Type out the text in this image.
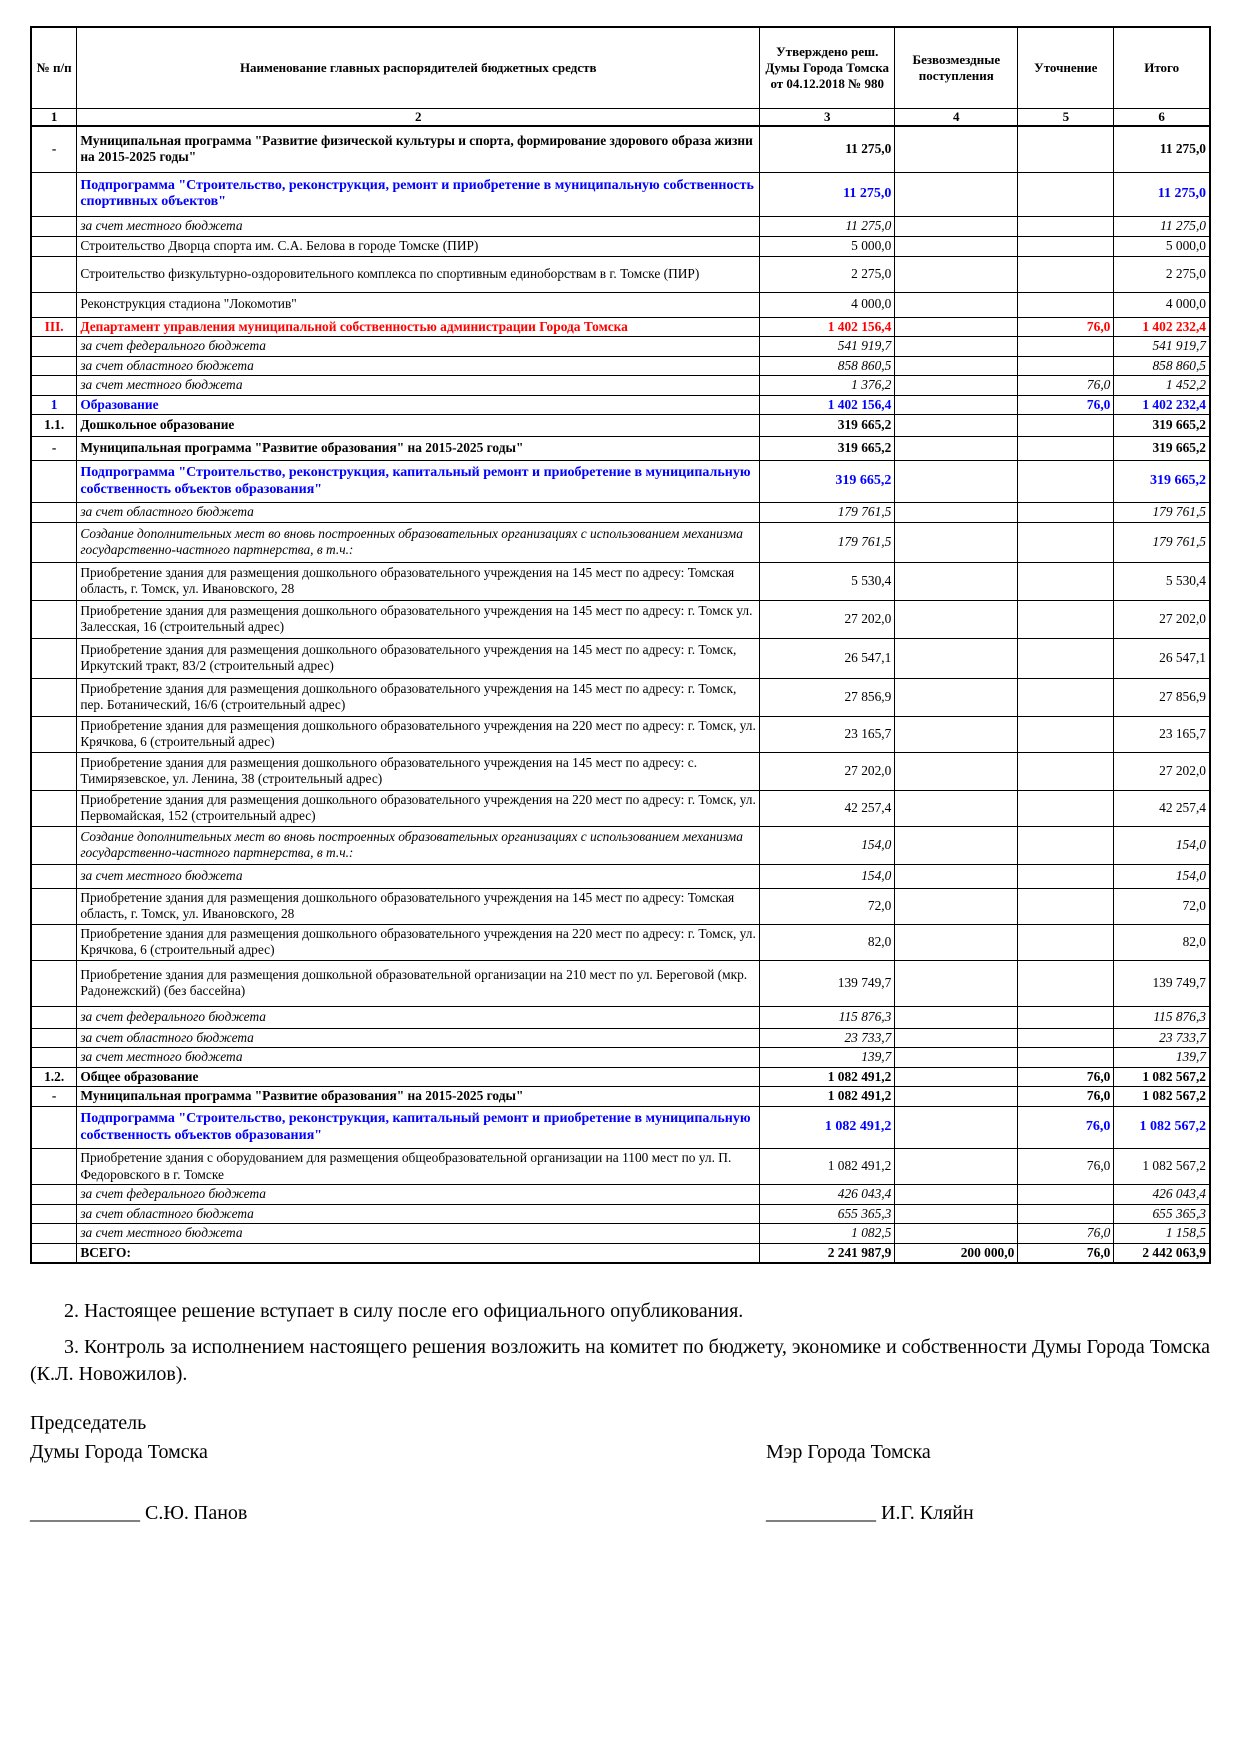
№ п/п	Наименование главных распорядителей бюджетных средств	Утверждено реш. Думы Города Томска от 04.12.2018 № 980	Безвозмездные поступления	Уточнение	Итого
1	2	3	4	5	6
-	Муниципальная программа "Развитие физической культуры и спорта, формирование здорового образа жизни на 2015-2025 годы"	11 275,0			11 275,0
	Подпрограмма "Строительство, реконструкция, ремонт и приобретение в муниципальную собственность спортивных объектов"	11 275,0			11 275,0
	за счет местного бюджета	11 275,0			11 275,0
	Строительство Дворца спорта им. С.А. Белова в городе Томске (ПИР)	5 000,0			5 000,0
	Строительство физкультурно-оздоровительного комплекса по спортивным единоборствам в г. Томске (ПИР)	2 275,0			2 275,0
	Реконструкция стадиона "Локомотив"	4 000,0			4 000,0
III.	Департамент управления муниципальной собственностью администрации Города Томска	1 402 156,4		76,0	1 402 232,4
	за счет федерального бюджета	541 919,7			541 919,7
	за счет областного бюджета	858 860,5			858 860,5
	за счет местного бюджета	1 376,2		76,0	1 452,2
1	Образование	1 402 156,4		76,0	1 402 232,4
1.1.	Дошкольное образование	319 665,2			319 665,2
-	Муниципальная программа "Развитие образования" на 2015-2025 годы"	319 665,2			319 665,2
	Подпрограмма "Строительство, реконструкция, капитальный ремонт и приобретение в муниципальную собственность объектов образования"	319 665,2			319 665,2
	за счет областного бюджета	179 761,5			179 761,5
	Создание дополнительных мест во вновь построенных образовательных организациях с использованием механизма государственно-частного партнерства, в т.ч.:	179 761,5			179 761,5
	Приобретение здания для размещения дошкольного образовательного учреждения на 145 мест по адресу: Томская область, г. Томск, ул. Ивановского, 28	5 530,4			5 530,4
	Приобретение здания для размещения дошкольного образовательного учреждения на 145 мест по адресу: г. Томск ул. Залесская, 16 (строительный адрес)	27 202,0			27 202,0
	Приобретение здания для размещения дошкольного образовательного учреждения на 145 мест по адресу: г. Томск, Иркутский тракт, 83/2 (строительный адрес)	26 547,1			26 547,1
	Приобретение здания для размещения дошкольного образовательного учреждения на 145 мест по адресу: г. Томск, пер. Ботанический, 16/6 (строительный адрес)	27 856,9			27 856,9
	Приобретение здания для размещения дошкольного образовательного учреждения на 220 мест по адресу: г. Томск, ул. Крячкова, 6 (строительный адрес)	23 165,7			23 165,7
	Приобретение здания для размещения дошкольного образовательного учреждения на 145 мест по адресу: с. Тимирязевское, ул. Ленина, 38 (строительный адрес)	27 202,0			27 202,0
	Приобретение здания для размещения дошкольного образовательного учреждения на 220 мест по адресу: г. Томск, ул. Первомайская, 152 (строительный адрес)	42 257,4			42 257,4
	Создание дополнительных мест во вновь построенных образовательных организациях с использованием механизма государственно-частного партнерства, в т.ч.:	154,0			154,0
	за счет местного бюджета	154,0			154,0
	Приобретение здания для размещения дошкольного образовательного учреждения на 145 мест по адресу: Томская область, г. Томск, ул. Ивановского, 28	72,0			72,0
	Приобретение здания для размещения дошкольного образовательного учреждения на 220 мест по адресу: г. Томск, ул. Крячкова, 6 (строительный адрес)	82,0			82,0
	Приобретение здания для размещения дошкольной образовательной организации на 210 мест по ул. Береговой (мкр. Радонежский) (без бассейна)	139 749,7			139 749,7
	за счет федерального бюджета	115 876,3			115 876,3
	за счет областного бюджета	23 733,7			23 733,7
	за счет местного бюджета	139,7			139,7
1.2.	Общее образование	1 082 491,2		76,0	1 082 567,2
-	Муниципальная программа "Развитие образования" на 2015-2025 годы"	1 082 491,2		76,0	1 082 567,2
	Подпрограмма "Строительство, реконструкция, капитальный ремонт и приобретение в муниципальную собственность объектов образования"	1 082 491,2		76,0	1 082 567,2
	Приобретение здания с оборудованием для размещения общеобразовательной организации на 1100 мест по ул. П. Федоровского в г. Томске	1 082 491,2		76,0	1 082 567,2
	за счет федерального бюджета	426 043,4			426 043,4
	за счет областного бюджета	655 365,3			655 365,3
	за счет местного бюджета	1 082,5		76,0	1 158,5
	ВСЕГО:	2 241 987,9	200 000,0	76,0	2 442 063,9
2. Настоящее решение вступает в силу после его официального опубликования.
3. Контроль за исполнением настоящего решения возложить на комитет по бюджету, экономике и собственности Думы Города Томска (К.Л. Новожилов).
Председатель
Думы Города Томска	Мэр Города Томска
___________ С.Ю. Панов	___________ И.Г. Кляйн
